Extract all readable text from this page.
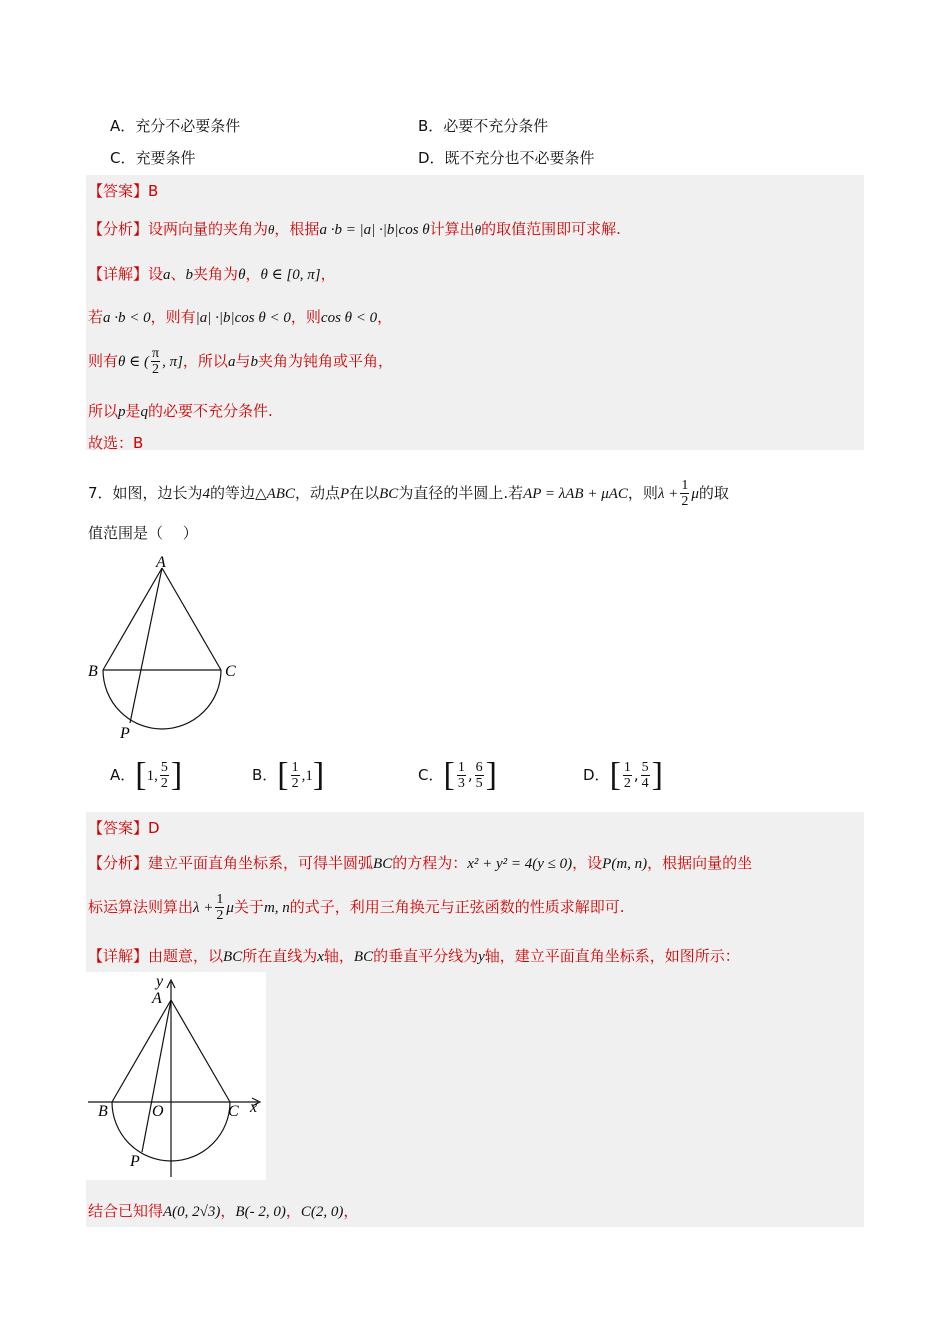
A．充分不必要条件	B．必要不充分条件
C．充要条件	D．既不充分也不必要条件
【答案】B
【分析】设两向量的夹角为θ，根据a ·b = |a| ·|b|cos θ计算出θ的取值范围即可求解.
【详解】设a、b夹角为θ，θ ∈ [0, π]，
若a ·b < 0，则有|a| ·|b|cos θ < 0，则cos θ < 0，
则有θ ∈ ( $\frac{\pi}{2}$ , π]，所以a与b夹角为钝角或平角，
所以p是q的必要不充分条件.
故选：B
7．如图，边长为4的等边△ABC，动点P在以BC为直径的半圆上.若AP = λAB + μAC，则$\lambda + \frac{1}{2}$ μ的取
值范围是（　 ）
A
B	C
P
A．[1, $\frac{5}{2}$ ]	B．[ $\frac{1}{2} ,1$]	C．[ $\frac{1}{3}$ , $\frac{6}{5}$ ]	D．[ $\frac{1}{2}$ , $\frac{5}{4}$ ]
【答案】D
【分析】建立平面直角坐标系，可得半圆弧BC的方程为：x² + y² = 4(y ≤ 0)，设P(m, n)，根据向量的坐
标运算法则算出$\lambda + \frac{1}{2}$ μ关于m, n的式子，利用三角换元与正弦函数的性质求解即可.
【详解】由题意，以BC所在直线为x轴，BC的垂直平分线为y轴，建立平面直角坐标系，如图所示：
y
A
B	O	C x
P
结合已知得A(0, 2√3)，B(- 2, 0)，C(2, 0)，
